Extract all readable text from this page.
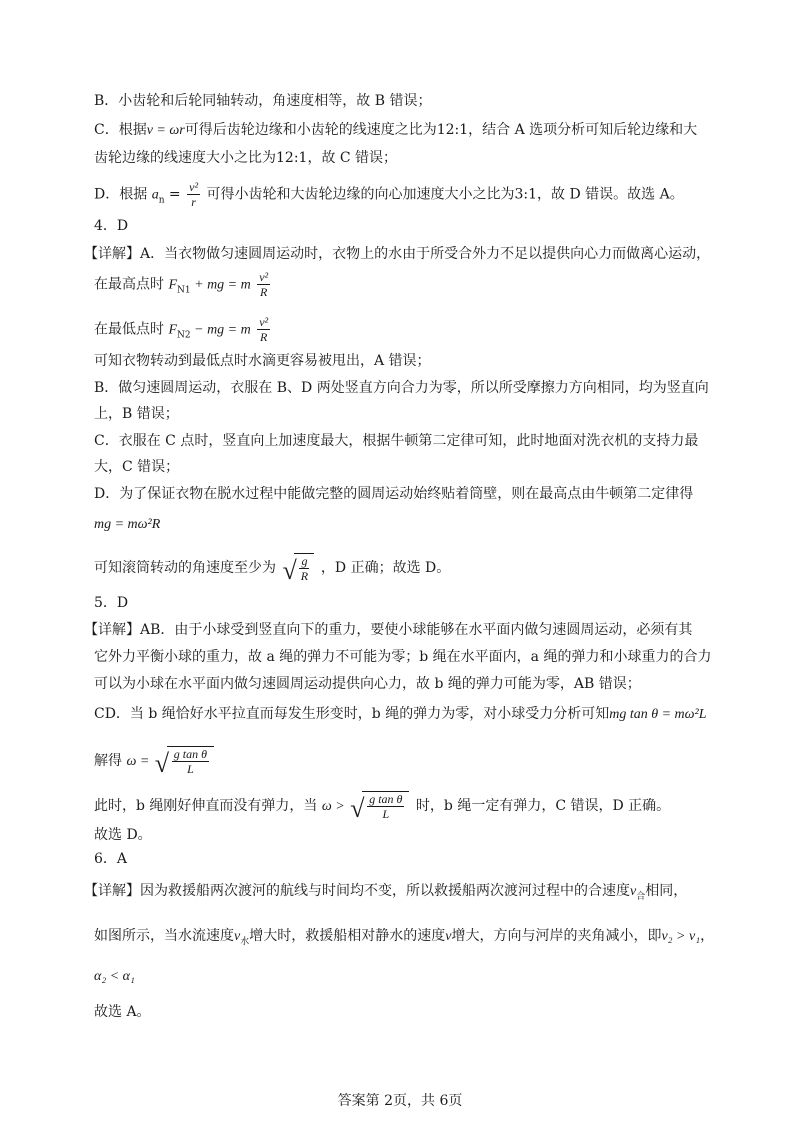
B．小齿轮和后轮同轴转动，角速度相等，故 B 错误；
C．根据v = ωr可得后齿轮边缘和小齿轮的线速度之比为12:1，结合 A 选项分析可知后轮边缘和大
齿轮边缘的线速度大小之比为12:1，故 C 错误；
D．根据 $a_n = \frac{\text{v²}}{r}$ 可得小齿轮和大齿轮边缘的向心加速度大小之比为3:1，故 D 错误。故选 A。
4．D
【详解】A．当衣物做匀速圆周运动时，衣物上的水由于所受合外力不足以提供向心力而做离心运动，
在最高点时 $F_{N1}$ + mg = m $\frac{\text{v²}}{R}$
在最低点时 $F_{N2}$ − mg = m $\frac{\text{v²}}{R}$
可知衣物转动到最低点时水滴更容易被甩出，A 错误；
B．做匀速圆周运动，衣服在 B、D 两处竖直方向合力为零，所以所受摩擦力方向相同，均为竖直向
上，B 错误；
C．衣服在 C 点时，竖直向上加速度最大，根据牛顿第二定律可知，此时地面对洗衣机的支持力最
大，C 错误；
D．为了保证衣物在脱水过程中能做完整的圆周运动始终贴着筒壁，则在最高点由牛顿第二定律得
mg = mω²R
可知滚筒转动的角速度至少为 √ $\frac{g}{R}$ ，D 正确；故选 D。
5．D
【详解】AB．由于小球受到竖直向下的重力，要使小球能够在水平面内做匀速圆周运动，必须有其
它外力平衡小球的重力，故 a 绳的弹力不可能为零；b 绳在水平面内，a 绳的弹力和小球重力的合力
可以为小球在水平面内做匀速圆周运动提供向心力，故 b 绳的弹力可能为零，AB 错误；
CD．当 b 绳恰好水平拉直而每发生形变时，b 绳的弹力为零，对小球受力分析可知mg tan θ = mω²L
解得 ω = √ $\frac{\text{g tan θ}}{L}$
此时，b 绳刚好伸直而没有弹力，当 ω > √ $\frac{\text{g tan θ}}{L}$ 时，b 绳一定有弹力，C 错误，D 正确。
故选 D。
6．A
【详解】因为救援船两次渡河的航线与时间均不变，所以救援船两次渡河过程中的合速度$v_合$相同，
如图所示，当水流速度$v_水$增大时，救援船相对静水的速度v增大，方向与河岸的夹角减小，即v₂ > v₁，
α₂ < α₁
故选 A。
答案第 2页，共 6页
